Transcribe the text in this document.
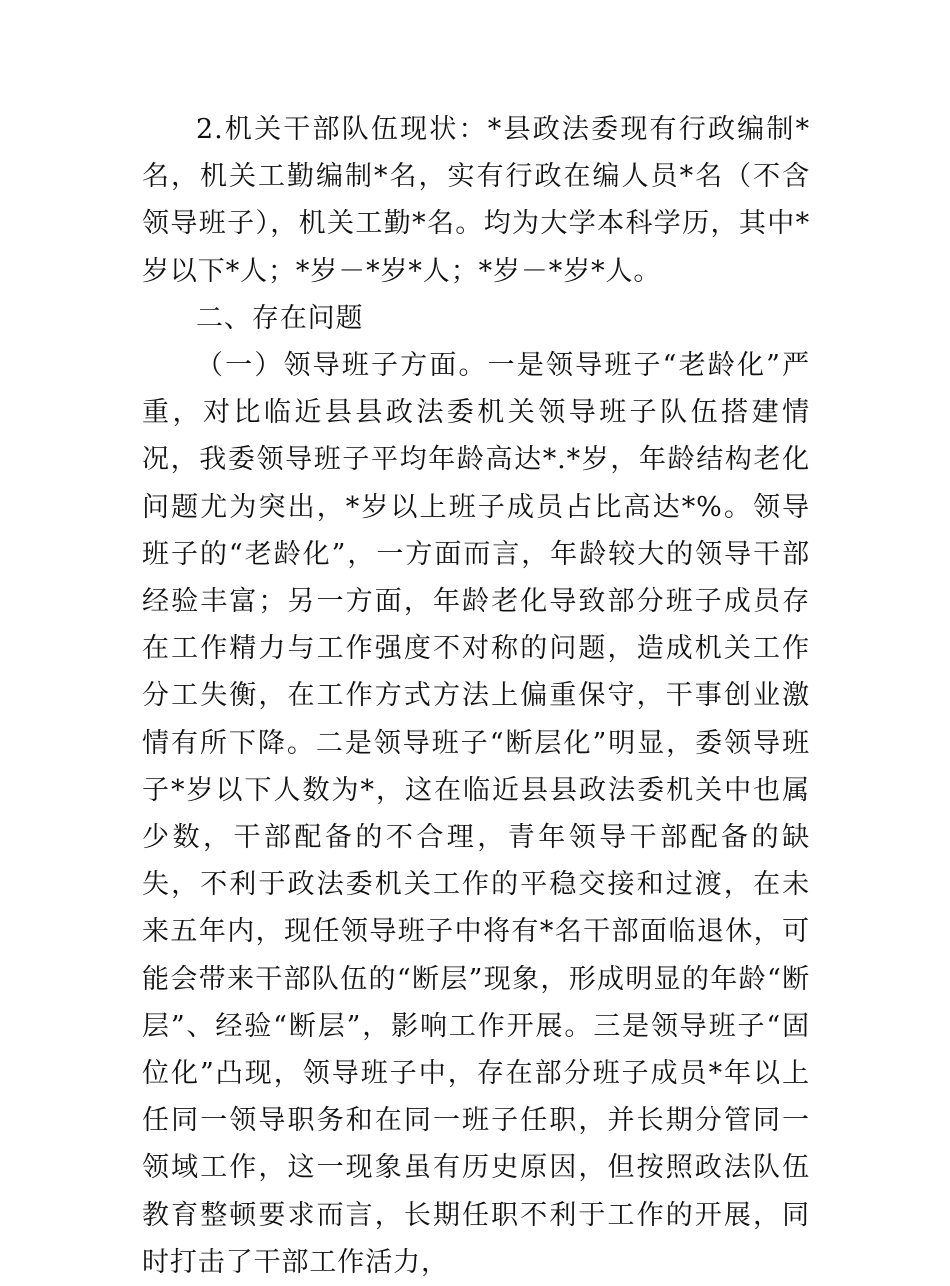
2.机关干部队伍现状：*县政法委现有行政编制*名，机关工勤编制*名，实有行政在编人员*名（不含领导班子），机关工勤*名。均为大学本科学历，其中*岁以下*人；*岁－*岁*人；*岁－*岁*人。

二、存在问题

（一）领导班子方面。一是领导班子“老龄化”严重，对比临近县县政法委机关领导班子队伍搭建情况，我委领导班子平均年龄高达*.*岁，年龄结构老化问题尤为突出，*岁以上班子成员占比高达*%。领导班子的“老龄化”，一方面而言，年龄较大的领导干部经验丰富；另一方面，年龄老化导致部分班子成员存在工作精力与工作强度不对称的问题，造成机关工作分工失衡，在工作方式方法上偏重保守，干事创业激情有所下降。二是领导班子“断层化”明显，委领导班子*岁以下人数为*，这在临近县县政法委机关中也属少数，干部配备的不合理，青年领导干部配备的缺失，不利于政法委机关工作的平稳交接和过渡，在未来五年内，现任领导班子中将有*名干部面临退休，可能会带来干部队伍的“断层”现象，形成明显的年龄“断层”、经验“断层”，影响工作开展。三是领导班子“固位化”凸现，领导班子中，存在部分班子成员*年以上任同一领导职务和在同一班子任职，并长期分管同一领域工作，这一现象虽有历史原因，但按照政法队伍教育整顿要求而言，长期任职不利于工作的开展，同时打击了干部工作活力，
